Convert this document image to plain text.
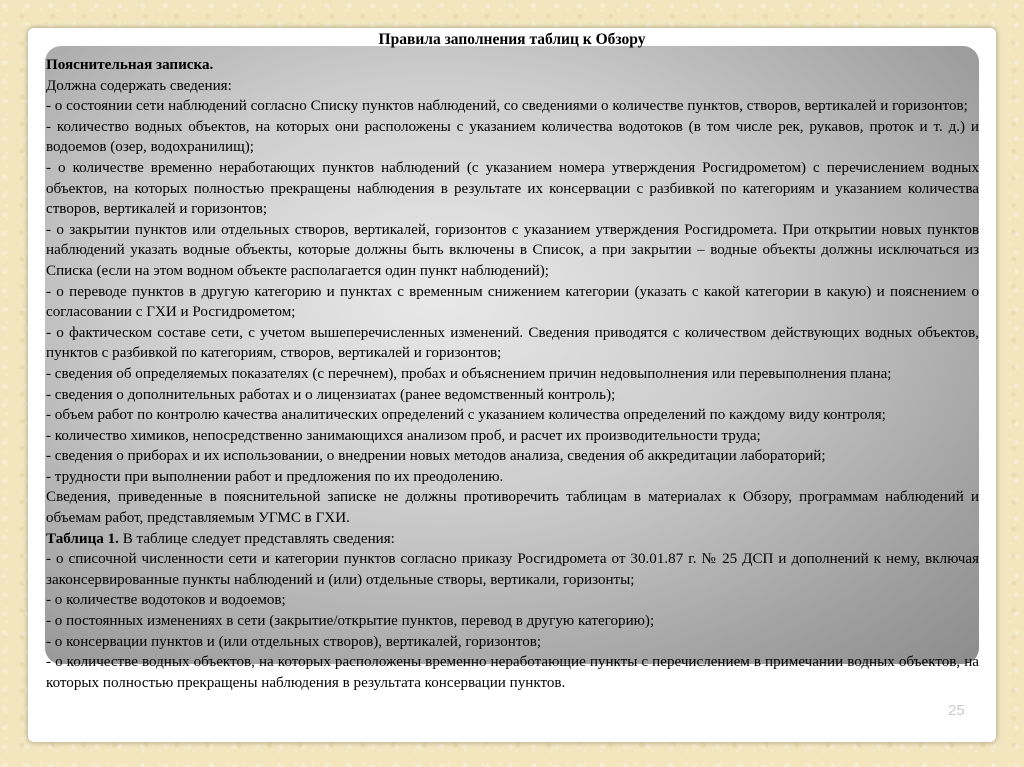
25
Правила заполнения таблиц к Обзору

Пояснительная записка.

Должна содержать сведения:

- о состоянии сети наблюдений согласно Списку пунктов наблюдений, со сведениями о количестве пунктов, створов, вертикалей и горизонтов;

- количество водных объектов, на которых они расположены с указанием количества водотоков (в том числе рек, рукавов, проток и т. д.) и водоемов (озер, водохранилищ);

- о количестве временно неработающих пунктов наблюдений (с указанием номера утверждения Росгидрометом) с перечислением водных объектов, на которых полностью прекращены наблюдения в результате их консервации с разбивкой по категориям и указанием количества створов, вертикалей и горизонтов;

- о закрытии пунктов или отдельных створов, вертикалей, горизонтов с указанием утверждения Росгидромета. При открытии новых пунктов наблюдений указать водные объекты, которые должны быть включены в Список, а при закрытии – водные объекты должны исключаться из Списка (если на этом водном объекте располагается один пункт наблюдений);

- о переводе пунктов в другую категорию и пунктах с временным снижением категории (указать с какой категории в какую) и пояснением о согласовании с ГХИ и Росгидрометом;

- о фактическом составе сети, с учетом вышеперечисленных изменений. Сведения приводятся с количеством действующих водных объектов, пунктов с разбивкой по категориям, створов, вертикалей и горизонтов;

- сведения об определяемых показателях (с перечнем), пробах и объяснением причин недовыполнения или перевыполнения плана;

- сведения о дополнительных работах и о лицензиатах (ранее ведомственный контроль);

- объем работ по контролю качества аналитических определений с указанием количества определений по каждому виду контроля;

- количество химиков, непосредственно занимающихся анализом проб, и расчет их производительности труда;

- сведения о приборах и их использовании, о внедрении новых методов анализа, сведения об аккредитации лабораторий;

- трудности при выполнении работ и предложения по их преодолению.

Сведения, приведенные в пояснительной записке не должны противоречить таблицам в материалах к Обзору, программам наблюдений и объемам работ, представляемым УГМС в ГХИ.

Таблица 1. В таблице следует представлять сведения:

- о списочной численности сети и категории пунктов согласно приказу Росгидромета от 30.01.87 г. № 25 ДСП и дополнений к нему, включая законсервированные пункты наблюдений и (или) отдельные створы, вертикали, горизонты;

- о количестве водотоков и водоемов;

- о постоянных изменениях в сети (закрытие/открытие пунктов, перевод в другую категорию);

- о консервации пунктов и (или отдельных створов), вертикалей, горизонтов;

- о количестве водных объектов, на которых расположены временно неработающие пункты с перечислением в примечании водных объектов, на которых полностью прекращены наблюдения в результата консервации пунктов.
